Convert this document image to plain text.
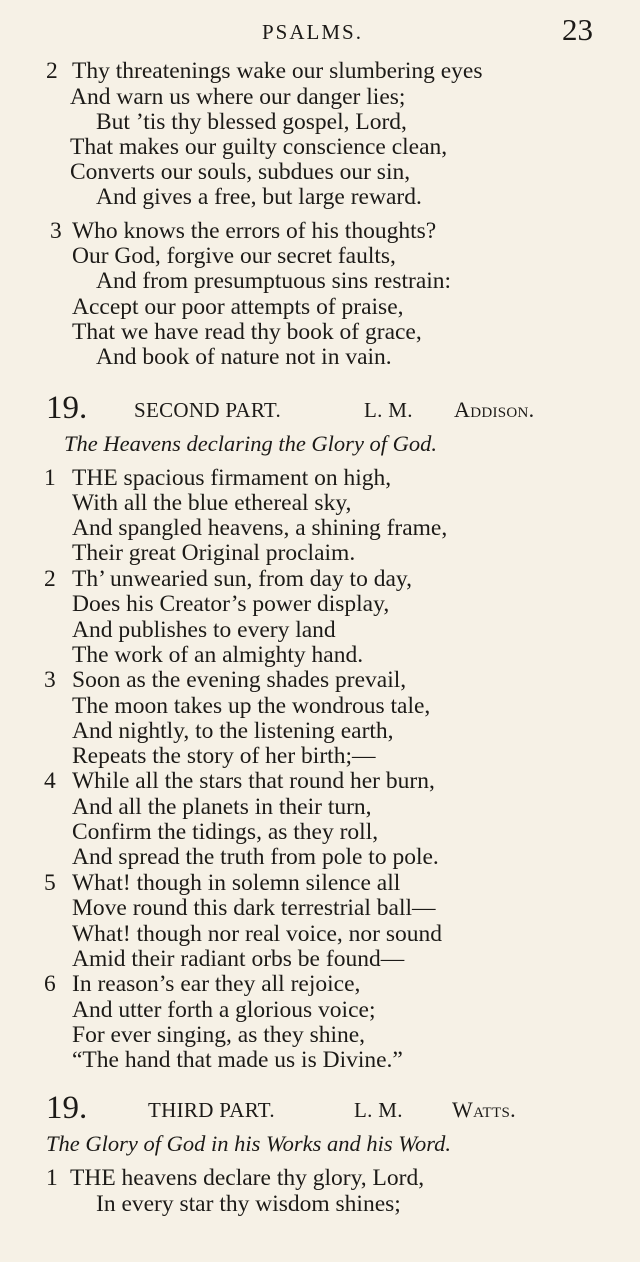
PSALMS.	23
2 Thy threatenings wake our slumbering eyes
And warn us where our danger lies;
But ’tis thy blessed gospel, Lord,
That makes our guilty conscience clean,
Converts our souls, subdues our sin,
And gives a free, but large reward.
3 Who knows the errors of his thoughts?
Our God, forgive our secret faults,
And from presumptuous sins restrain:
Accept our poor attempts of praise,
That we have read thy book of grace,
And book of nature not in vain.
19. SECOND PART.	L. M. Addison.
The Heavens declaring the Glory of God.
1 THE spacious firmament on high,
With all the blue ethereal sky,
And spangled heavens, a shining frame,
Their great Original proclaim.
2 Th’ unwearied sun, from day to day,
Does his Creator’s power display,
And publishes to every land
The work of an almighty hand.
3 Soon as the evening shades prevail,
The moon takes up the wondrous tale,
And nightly, to the listening earth,
Repeats the story of her birth;—
4 While all the stars that round her burn,
And all the planets in their turn,
Confirm the tidings, as they roll,
And spread the truth from pole to pole.
5 What! though in solemn silence all
Move round this dark terrestrial ball—
What! though nor real voice, nor sound
Amid their radiant orbs be found—
6 In reason’s ear they all rejoice,
And utter forth a glorious voice;
For ever singing, as they shine,
“The hand that made us is Divine.”
19.	THIRD PART.	L. M. Watts.
The Glory of God in his Works and his Word.
1 THE heavens declare thy glory, Lord,
In every star thy wisdom shines;
